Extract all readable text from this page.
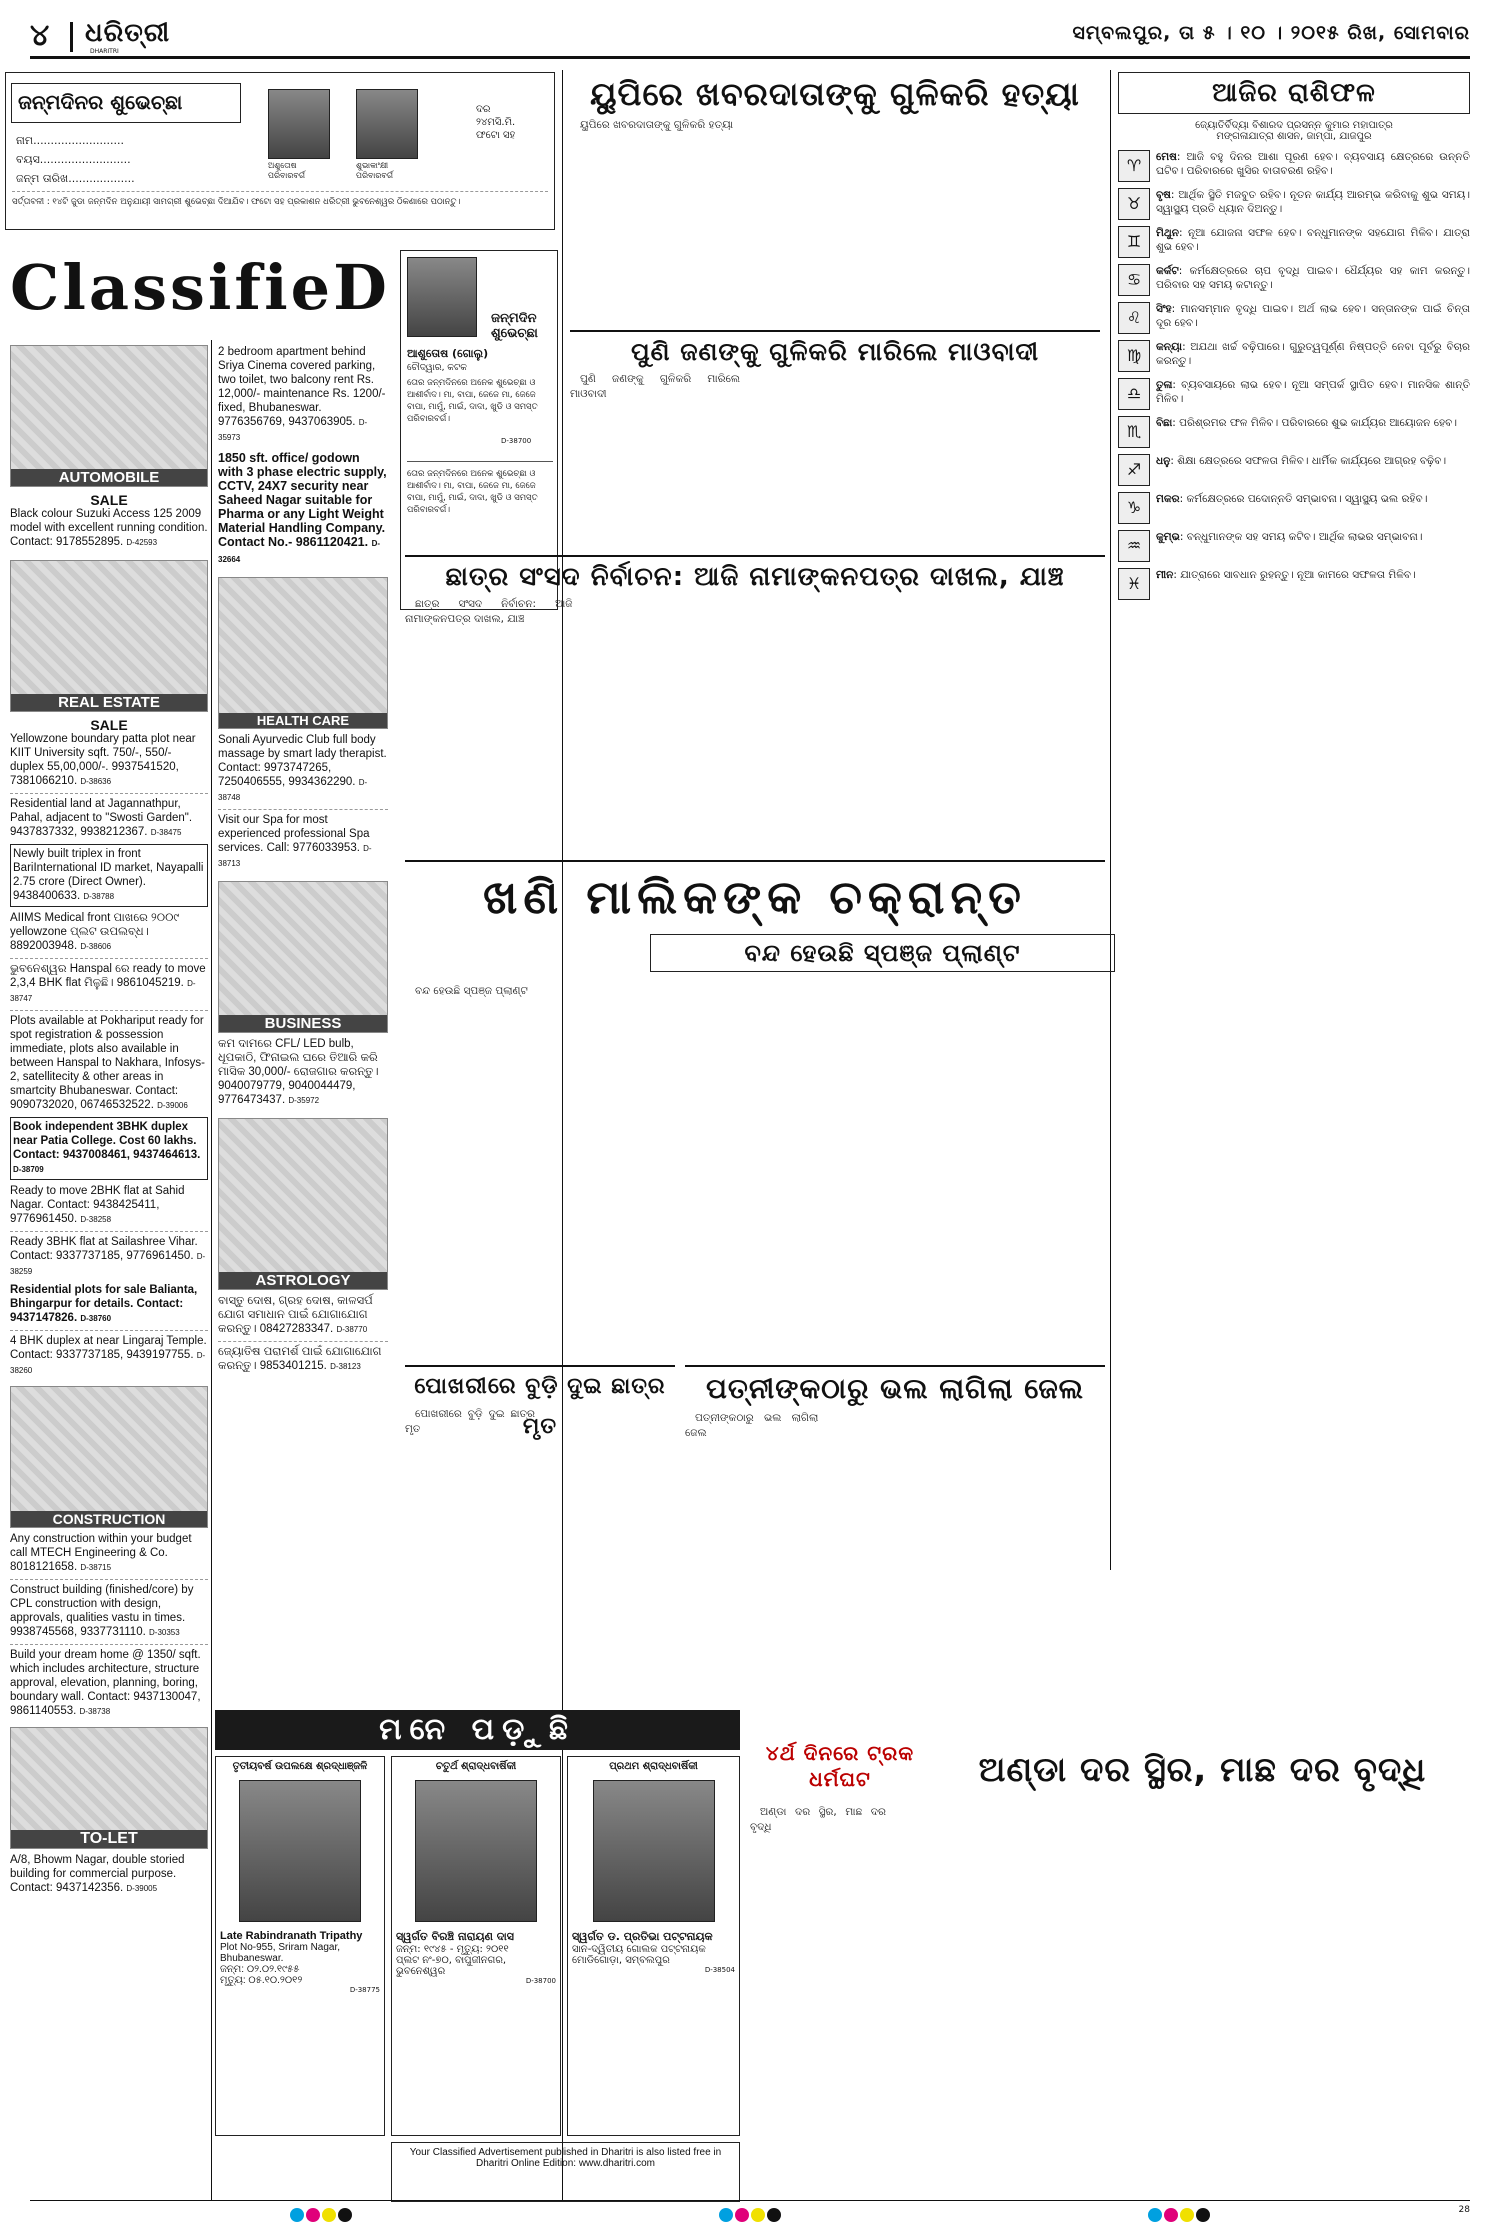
୪ ଧରିତ୍ରୀ
DHARITRI
ସମ୍ବଲପୁର, ତା ୫ । ୧୦ । ୨୦୧୫ ରିଖ, ସୋମବାର
ଜନ୍ମଦିନର ଶୁଭେଚ୍ଛା
ନାମ..........................
ବୟସ..........................
ଜନ୍ମ ତାରିଖ...................
ଅଶୁତୋଷ
ପରିବାରବର୍ଗ
ଶୁଭାକାଂକ୍ଷୀ
ପରିବାରବର୍ଗ
ଦର
୨୪ମସି.ମି.
ଫଟୋ ସହ
ସର୍ତ୍ତାବଳୀ : ୧୪ଟି ଜୁଡା ଜନ୍ମଦିନ ଅନୁଯାୟୀ ସାମଗ୍ରୀ ଶୁଭେଚ୍ଛା ଦିଆଯିବ। ଫଟୋ ସହ ପ୍ରକାଶନ ଧରିତ୍ରୀ ଭୁବନେଶ୍ୱର ଠିକଣାରେ ପଠାନ୍ତୁ।
ClassifieD	ଜନ୍ମଦିନ ଶୁଭେଚ୍ଛା
ଆଶୁତୋଷ (ଗୋଲୁ)
ଚୌଦ୍ୱାର, କଟକ
ତୋର ଜନ୍ମଦିନରେ ଅନେକ ଶୁଭେଚ୍ଛା ଓ ଆଶୀର୍ବାଦ। ମା, ବାପା, ଜେଜେ ମା, ଜେଜେ ବାପା, ମାମୁଁ, ମାଇଁ, ଦାଦା, ଖୁଡି ଓ ସମସ୍ତ ପରିବାରବର୍ଗ।
D-38700
ତୋର ଜନ୍ମଦିନରେ ଅନେକ ଶୁଭେଚ୍ଛା ଓ ଆଶୀର୍ବାଦ। ମା, ବାପା, ଜେଜେ ମା, ଜେଜେ ବାପା, ମାମୁଁ, ମାଇଁ, ଦାଦା, ଖୁଡି ଓ ସମସ୍ତ ପରିବାରବର୍ଗ।
AUTOMOBILE
SALE
Black colour Suzuki Access 125 2009 model with excellent running condition. Contact: 9178552895. D-42593
REAL ESTATE
SALE
Yellowzone boundary patta plot near KIIT University sqft. 750/-, 550/- duplex 55,00,000/-. 9937541520, 7381066210. D-38636
Residential land at Jagannathpur, Pahal, adjacent to "Swosti Garden". 9437837332, 9938212367. D-38475
Newly built triplex in front BariInternational ID market, Nayapalli 2.75 crore (Direct Owner). 9438400633. D-38788
AIIMS Medical front ପାଖରେ ୨୦୦୯ yellowzone ପ୍ଲଟ ଉପଲବ୍ଧ। 8892003948. D-38606
ଭୁବନେଶ୍ୱର Hanspal ରେ ready to move 2,3,4 BHK flat ମିଳୁଛି। 9861045219. D-38747
Plots available at Pokhariput ready for spot registration & possession immediate, plots also available in between Hanspal to Nakhara, Infosys-2, satellitecity & other areas in smartcity Bhubaneswar. Contact: 9090732020, 06746532522. D-39006
Book independent 3BHK duplex near Patia College. Cost 60 lakhs. Contact: 9437008461, 9437464613. D-38709
Ready to move 2BHK flat at Sahid Nagar. Contact: 9438425411, 9776961450. D-38258
Ready 3BHK flat at Sailashree Vihar. Contact: 9337737185, 9776961450. D-38259
Residential plots for sale Balianta, Bhingarpur for details. Contact: 9437147826. D-38760
4 BHK duplex at near Lingaraj Temple. Contact: 9337737185, 9439197755. D-38260
CONSTRUCTION
Any construction within your budget call MTECH Engineering & Co. 8018121658. D-38715
Construct building (finished/core) by CPL construction with design, approvals, qualities vastu in times. 9938745568, 9337731110. D-30353
Build your dream home @ 1350/ sqft. which includes architecture, structure approval, elevation, planning, boring, boundary wall. Contact: 9437130047, 9861140553. D-38738
TO-LET
A/8, Bhowm Nagar, double storied building for commercial purpose. Contact: 9437142356. D-39005
2 bedroom apartment behind Sriya Cinema covered parking, two toilet, two balcony rent Rs. 12,000/- maintenance Rs. 1200/- fixed, Bhubaneswar. 9776356769, 9437063905. D-35973
1850 sft. office/ godown with 3 phase electric supply, CCTV, 24X7 security near Saheed Nagar suitable for Pharma or any Light Weight Material Handling Company. Contact No.- 9861120421. D-32664
HEALTH CARE
Sonali Ayurvedic Club full body massage by smart lady therapist. Contact: 9973747265, 7250406555, 9934362290. D-38748
Visit our Spa for most experienced professional Spa services. Call: 9776033953. D-38713
BUSINESS
କମ ଦାମରେ CFL/ LED bulb, ଧୂପକାଠି, ଫିନାଇଲ ଘରେ ତିଆରି କରି ମାସିକ 30,000/- ରୋଜଗାର କରନ୍ତୁ। 9040079779, 9040044479, 9776473437. D-35972
ASTROLOGY
ବାସ୍ତୁ ଦୋଷ, ଗ୍ରହ ଦୋଷ, କାଳସର୍ପ ଯୋଗ ସମାଧାନ ପାଇଁ ଯୋଗାଯୋଗ କରନ୍ତୁ। 08427283347. D-38770
ଜ୍ୟୋତିଷ ପରାମର୍ଶ ପାଇଁ ଯୋଗାଯୋଗ କରନ୍ତୁ। 9853401215. D-38123
ୟୁପିରେ ଖବରଦାତାଙ୍କୁ ଗୁଳିକରି ହତ୍ୟା

ୟୁପିରେ ଖବରଦାତାଙ୍କୁ ଗୁଳିକରି ହତ୍ୟା

ପୁଣି ଜଣଙ୍କୁ ଗୁଳିକରି ମାରିଲେ ମାଓବାଦୀ

ପୁଣି ଜଣଙ୍କୁ ଗୁଳିକରି ମାରିଲେ ମାଓବାଦୀ

ଛାତ୍ର ସଂସଦ ନିର୍ବାଚନ: ଆଜି ନାମାଙ୍କନପତ୍ର ଦାଖଲ, ଯାଞ୍ଚ

ଛାତ୍ର ସଂସଦ ନିର୍ବାଚନ: ଆଜି ନାମାଙ୍କନପତ୍ର ଦାଖଲ, ଯାଞ୍ଚ

ଖଣି ମାଲିକଙ୍କ ଚକ୍ରାନ୍ତ
ବନ୍ଦ ହେଉଛି ସ୍ପଞ୍ଜ ପ୍ଲାଣ୍ଟ

ବନ୍ଦ ହେଉଛି ସ୍ପଞ୍ଜ ପ୍ଲାଣ୍ଟ

ପୋଖରୀରେ ବୁଡ଼ି ଦୁଇ ଛାତ୍ର ମୃତ

ପୋଖରୀରେ ବୁଡ଼ି ଦୁଇ ଛାତ୍ର ମୃତ

ପତ୍ନୀଙ୍କଠାରୁ ଭଲ ଲାଗିଲା ଜେଲ

ପତ୍ନୀଙ୍କଠାରୁ ଭଲ ଲାଗିଲା ଜେଲ

ମନେ ପଡ଼ୁଛି
ତୃତୀୟବର୍ଷ ଉପଲକ୍ଷେ ଶ୍ରଦ୍ଧାଞ୍ଜଳି
Late Rabindranath Tripathy
Plot No-955, Sriram Nagar, Bhubaneswar.
ଜନ୍ମ: ୦୨.୦୨.୧୯୫୫
ମୃତ୍ୟୁ: ୦୫.୧୦.୨୦୧୨
D-38775
ଚତୁର୍ଥ ଶ୍ରାଦ୍ଧବାର୍ଷିକୀ
ସ୍ୱର୍ଗତ ବିରଞ୍ଚି ନାରାୟଣ ଦାସ
ଜନ୍ମ: ୧୯୪୫ - ମୃତ୍ୟୁ: ୨୦୧୧
ପ୍ଲଟ ନଂ-୭୦, ବାପୁଜୀନଗର, ଭୁବନେଶ୍ୱର
D-38700
ପ୍ରଥମ ଶ୍ରାଦ୍ଧବାର୍ଷିକୀ
ସ୍ୱର୍ଗତ ଡ. ପ୍ରତିଭା ପଟ୍ଟନାୟକ
ସାନ-ଦ୍ୱିତୀୟ ଗୋଲକ ପଟ୍ଟନାୟକ
ମୋଡିଗୋଡ଼ା, ସମ୍ବଲପୁର
D-38504
Your Classified Advertisement published in Dharitri is also listed free in Dharitri Online Edition: www.dharitri.com
୪ର୍ଥ ଦିନରେ ଟ୍ରକ ଧର୍ମଘଟ	ଅଣ୍ଡା ଦର ସ୍ଥିର, ମାଛ ଦର ବୃଦ୍ଧି

ଅଣ୍ଡା ଦର ସ୍ଥିର, ମାଛ ଦର ବୃଦ୍ଧି

ଆଜିର ରାଶିଫଳ
ଜ୍ୟୋତିର୍ବିଦ୍ୟା ବିଶାରଦ ପ୍ରସନ୍ନ କୁମାର ମହାପାତ୍ର
ମଙ୍ଗଳାଯାତ୍ରା ଶାସନ, ଜାମ୍ପା, ଯାଜପୁର
♈	ମେଷ: ଆଜି ବହୁ ଦିନର ଆଶା ପୂରଣ ହେବ। ବ୍ୟବସାୟ କ୍ଷେତ୍ରରେ ଉନ୍ନତି ଘଟିବ। ପରିବାରରେ ଖୁସିର ବାତାବରଣ ରହିବ।
♉	ବୃଷ: ଆର୍ଥିକ ସ୍ଥିତି ମଜବୁତ ରହିବ। ନୂତନ କାର୍ଯ୍ୟ ଆରମ୍ଭ କରିବାକୁ ଶୁଭ ସମୟ। ସ୍ୱାସ୍ଥ୍ୟ ପ୍ରତି ଧ୍ୟାନ ଦିଅନ୍ତୁ।
♊	ମିଥୁନ: ନୂଆ ଯୋଜନା ସଫଳ ହେବ। ବନ୍ଧୁମାନଙ୍କ ସହଯୋଗ ମିଳିବ। ଯାତ୍ରା ଶୁଭ ହେବ।
♋	କର୍କଟ: କର୍ମକ୍ଷେତ୍ରରେ ଚାପ ବୃଦ୍ଧି ପାଇବ। ଧୈର୍ଯ୍ୟର ସହ କାମ କରନ୍ତୁ। ପରିବାର ସହ ସମୟ କଟାନ୍ତୁ।
♌	ସିଂହ: ମାନସମ୍ମାନ ବୃଦ୍ଧି ପାଇବ। ଅର୍ଥ ଲାଭ ହେବ। ସନ୍ତାନଙ୍କ ପାଇଁ ଚିନ୍ତା ଦୂର ହେବ।
♍	କନ୍ୟା: ଅଯଥା ଖର୍ଚ୍ଚ ବଢ଼ିପାରେ। ଗୁରୁତ୍ୱପୂର୍ଣ୍ଣ ନିଷ୍ପତ୍ତି ନେବା ପୂର୍ବରୁ ବିଚାର କରନ୍ତୁ।
♎	ତୁଳା: ବ୍ୟବସାୟରେ ଲାଭ ହେବ। ନୂଆ ସମ୍ପର୍କ ସ୍ଥାପିତ ହେବ। ମାନସିକ ଶାନ୍ତି ମିଳିବ।
♏	ବିଛା: ପରିଶ୍ରମର ଫଳ ମିଳିବ। ପରିବାରରେ ଶୁଭ କାର୍ଯ୍ୟର ଆୟୋଜନ ହେବ।
♐	ଧନୁ: ଶିକ୍ଷା କ୍ଷେତ୍ରରେ ସଫଳତା ମିଳିବ। ଧାର୍ମିକ କାର୍ଯ୍ୟରେ ଆଗ୍ରହ ବଢ଼ିବ।
♑	ମକର: କର୍ମକ୍ଷେତ୍ରରେ ପଦୋନ୍ନତି ସମ୍ଭାବନା। ସ୍ୱାସ୍ଥ୍ୟ ଭଲ ରହିବ।
♒	କୁମ୍ଭ: ବନ୍ଧୁମାନଙ୍କ ସହ ସମୟ କଟିବ। ଆର୍ଥିକ ଲାଭର ସମ୍ଭାବନା।
♓	ମୀନ: ଯାତ୍ରାରେ ସାବଧାନ ରୁହନ୍ତୁ। ନୂଆ କାମରେ ସଫଳତା ମିଳିବ।
28
